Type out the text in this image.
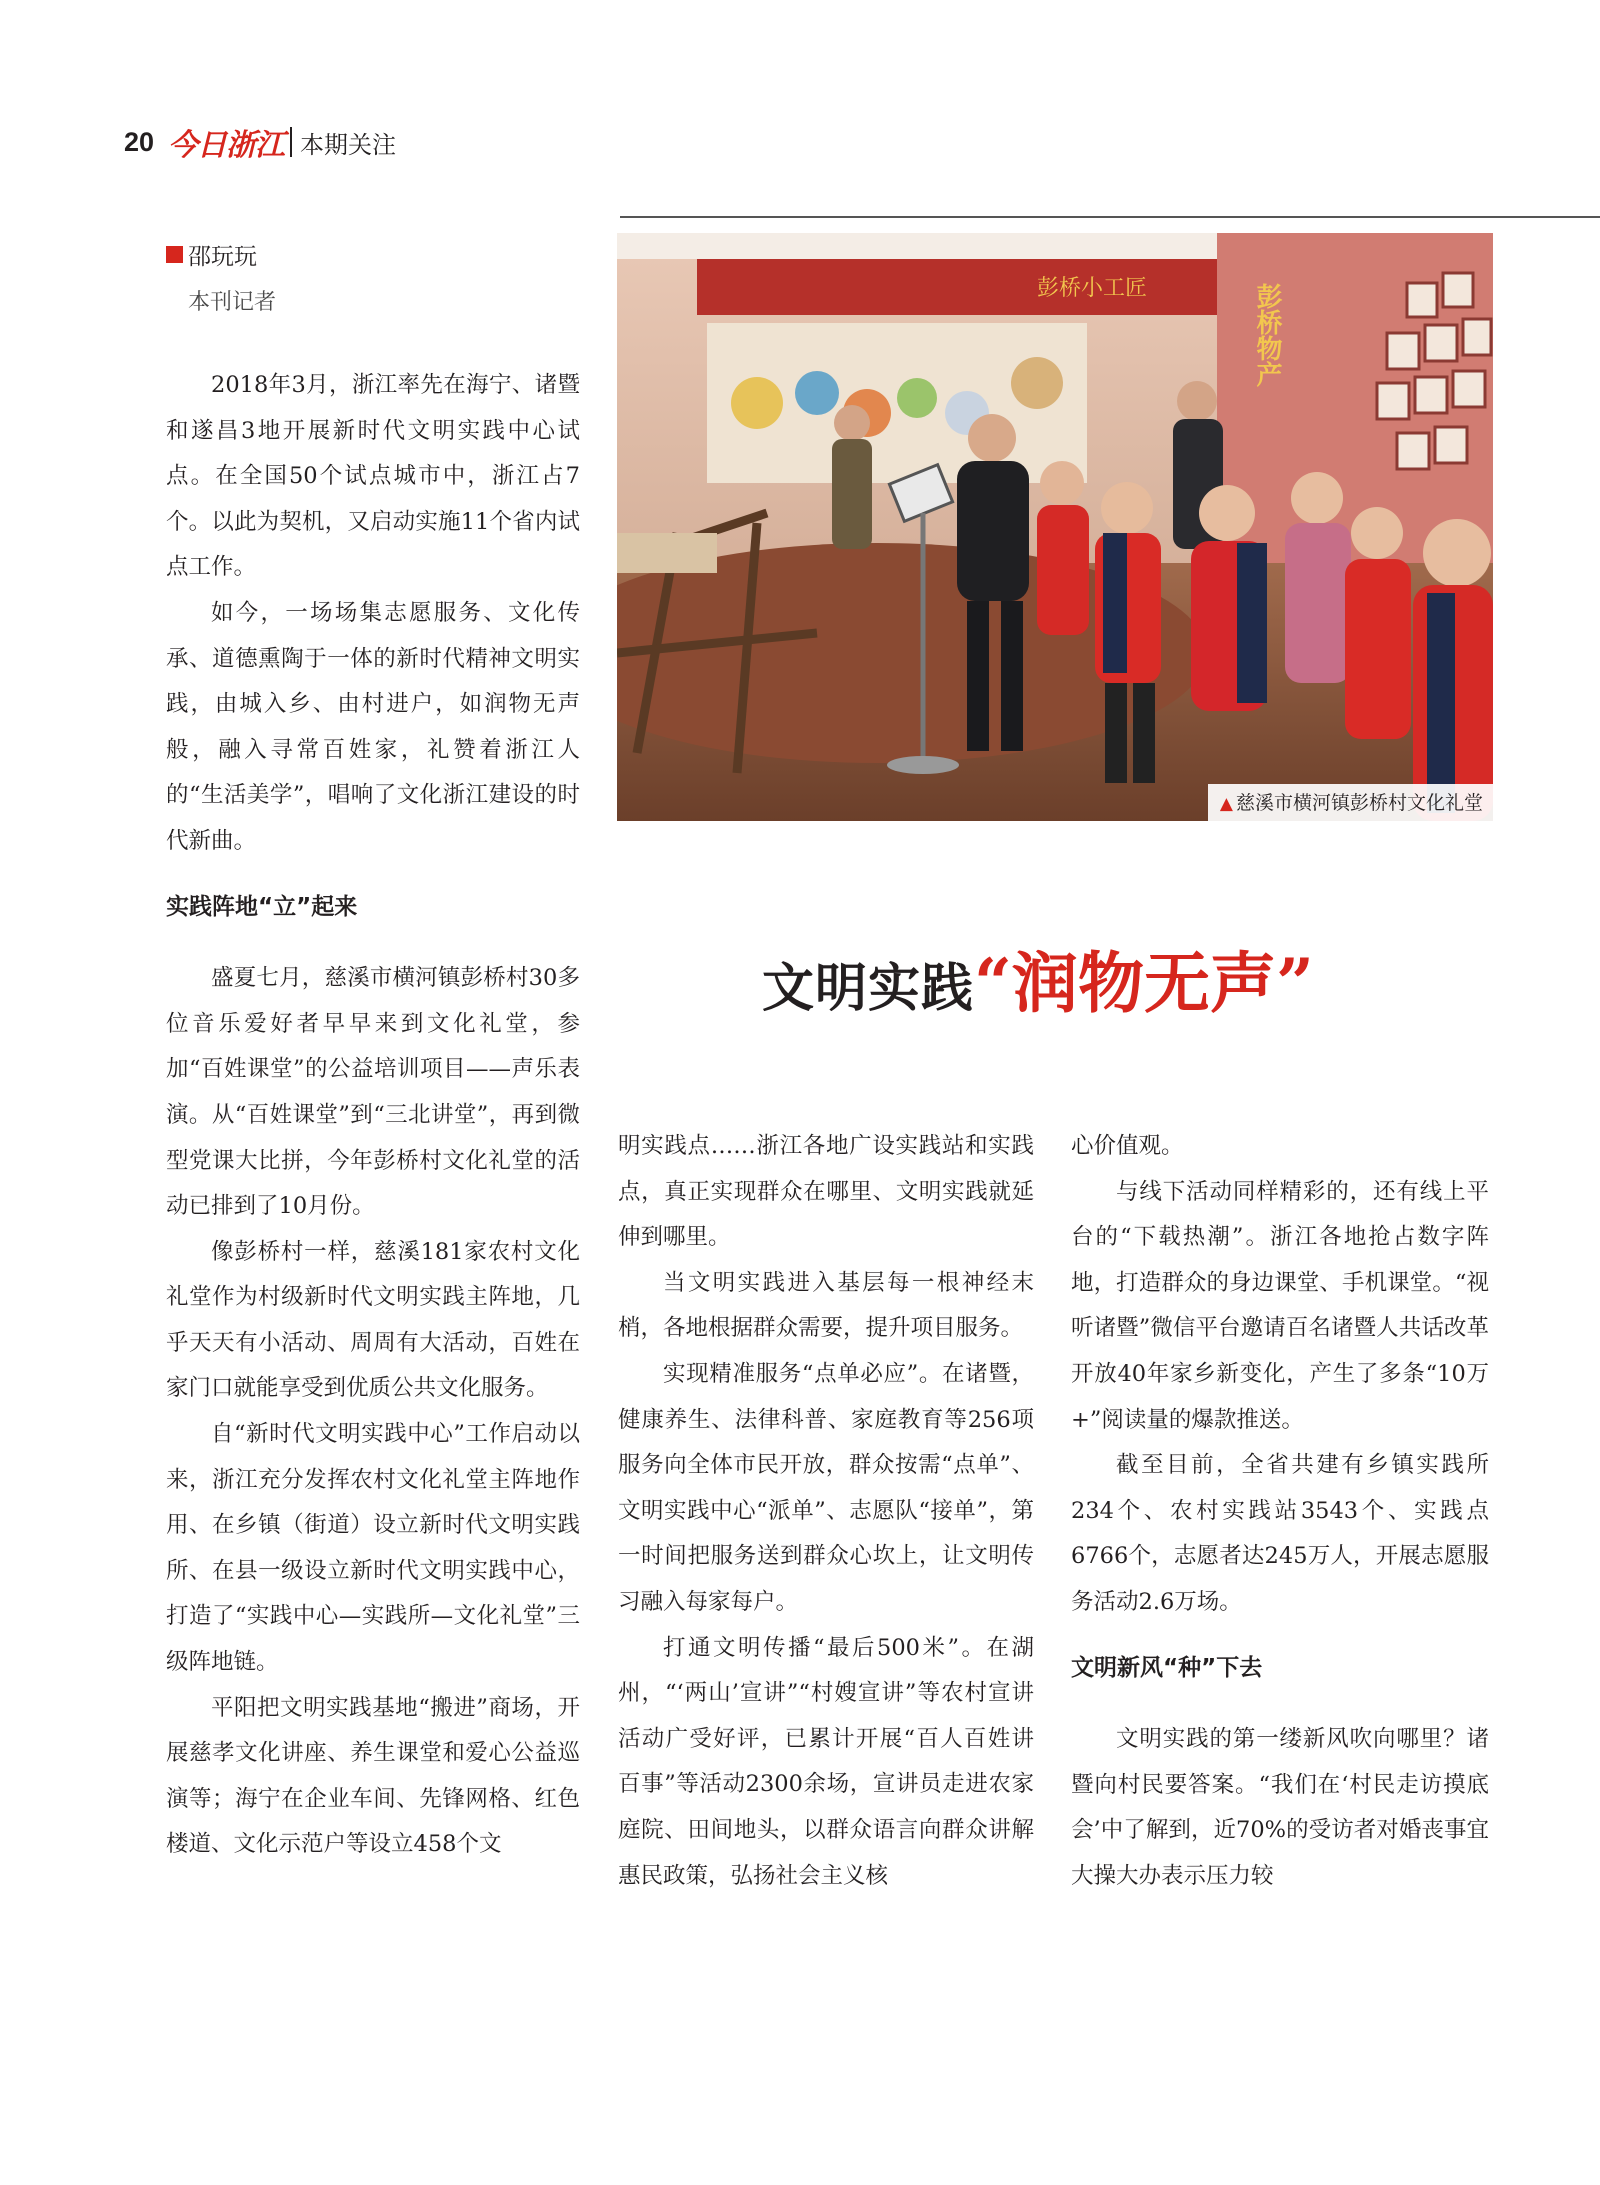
20 今日浙江 本期关注
邵玩玩
本刊记者	彭桥物产
彭桥小工匠
▲ 慈溪市横河镇彭桥村文化礼堂

2018年3月，浙江率先在海宁、诸暨和遂昌3地开展新时代文明实践中心试点。在全国50个试点城市中，浙江占7个。以此为契机，又启动实施11个省内试点工作。

如今，一场场集志愿服务、文化传承、道德熏陶于一体的新时代精神文明实践，由城入乡、由村进户，如润物无声般，融入寻常百姓家，礼赞着浙江人的“生活美学”，唱响了文化浙江建设的时代新曲。

实践阵地“立”起来

盛夏七月，慈溪市横河镇彭桥村30多位音乐爱好者早早来到文化礼堂，参加“百姓课堂”的公益培训项目——声乐表演。从“百姓课堂”到“三北讲堂”，再到微型党课大比拼，今年彭桥村文化礼堂的活动已排到了10月份。

像彭桥村一样，慈溪181家农村文化礼堂作为村级新时代文明实践主阵地，几乎天天有小活动、周周有大活动，百姓在家门口就能享受到优质公共文化服务。

自“新时代文明实践中心”工作启动以来，浙江充分发挥农村文化礼堂主阵地作用、在乡镇（街道）设立新时代文明实践所、在县一级设立新时代文明实践中心，打造了“实践中心—实践所—文化礼堂”三级阵地链。

平阳把文明实践基地“搬进”商场，开展慈孝文化讲座、养生课堂和爱心公益巡演等；海宁在企业车间、先锋网格、红色楼道、文化示范户等设立458个文

文明实践 “润物无声”

明实践点……浙江各地广设实践站和实践点，真正实现群众在哪里、文明实践就延伸到哪里。

当文明实践进入基层每一根神经末梢，各地根据群众需要，提升项目服务。

实现精准服务“点单必应”。在诸暨，健康养生、法律科普、家庭教育等256项服务向全体市民开放，群众按需“点单”、文明实践中心“派单”、志愿队“接单”，第一时间把服务送到群众心坎上，让文明传习融入每家每户。

打通文明传播“最后500米”。在湖州，“‘两山’宣讲”“村嫂宣讲”等农村宣讲活动广受好评，已累计开展“百人百姓讲百事”等活动2300余场，宣讲员走进农家庭院、田间地头，以群众语言向群众讲解惠民政策，弘扬社会主义核

心价值观。

与线下活动同样精彩的，还有线上平台的“下载热潮”。浙江各地抢占数字阵地，打造群众的身边课堂、手机课堂。“视听诸暨”微信平台邀请百名诸暨人共话改革开放40年家乡新变化，产生了多条“10万+”阅读量的爆款推送。

截至目前，全省共建有乡镇实践所234个、农村实践站3543个、实践点6766个，志愿者达245万人，开展志愿服务活动2.6万场。

文明新风“种”下去

文明实践的第一缕新风吹向哪里？诸暨向村民要答案。“我们在‘村民走访摸底会’中了解到，近70%的受访者对婚丧事宜大操大办表示压力较
